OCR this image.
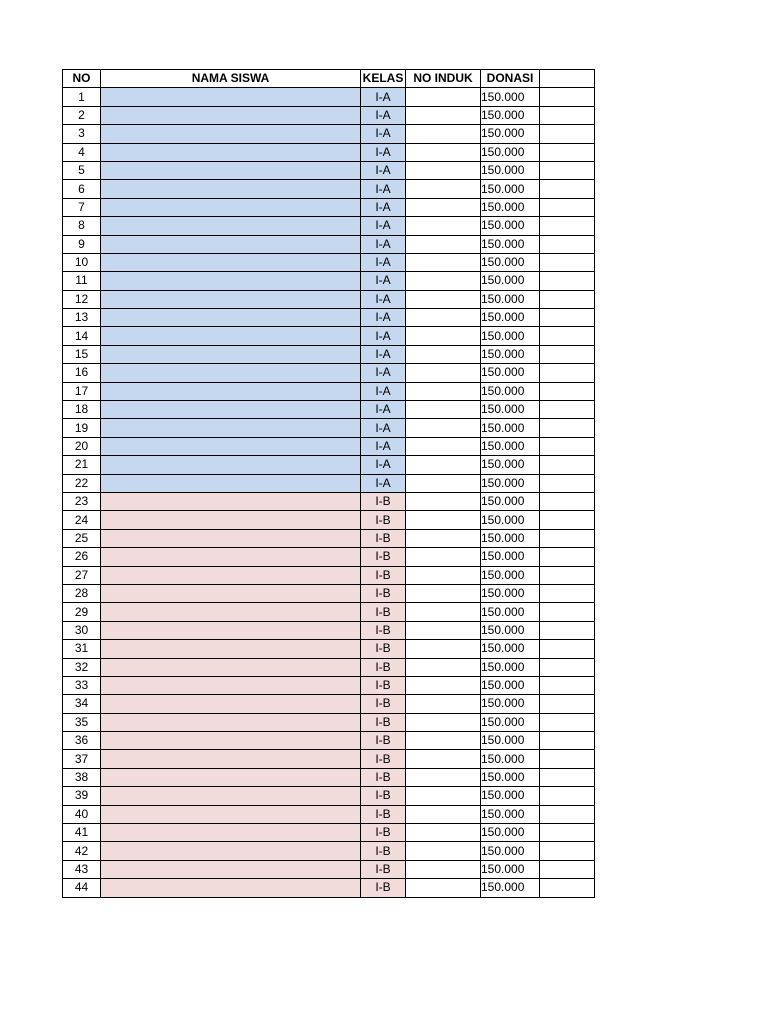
NO	NAMA SISWA	KELAS	NO INDUK	DONASI	
1		I-A		150.000	
2		I-A		150.000	
3		I-A		150.000	
4		I-A		150.000	
5		I-A		150.000	
6		I-A		150.000	
7		I-A		150.000	
8		I-A		150.000	
9		I-A		150.000	
10		I-A		150.000	
11		I-A		150.000	
12		I-A		150.000	
13		I-A		150.000	
14		I-A		150.000	
15		I-A		150.000	
16		I-A		150.000	
17		I-A		150.000	
18		I-A		150.000	
19		I-A		150.000	
20		I-A		150.000	
21		I-A		150.000	
22		I-A		150.000	
23		I-B		150.000	
24		I-B		150.000	
25		I-B		150.000	
26		I-B		150.000	
27		I-B		150.000	
28		I-B		150.000	
29		I-B		150.000	
30		I-B		150.000	
31		I-B		150.000	
32		I-B		150.000	
33		I-B		150.000	
34		I-B		150.000	
35		I-B		150.000	
36		I-B		150.000	
37		I-B		150.000	
38		I-B		150.000	
39		I-B		150.000	
40		I-B		150.000	
41		I-B		150.000	
42		I-B		150.000	
43		I-B		150.000	
44		I-B		150.000	
